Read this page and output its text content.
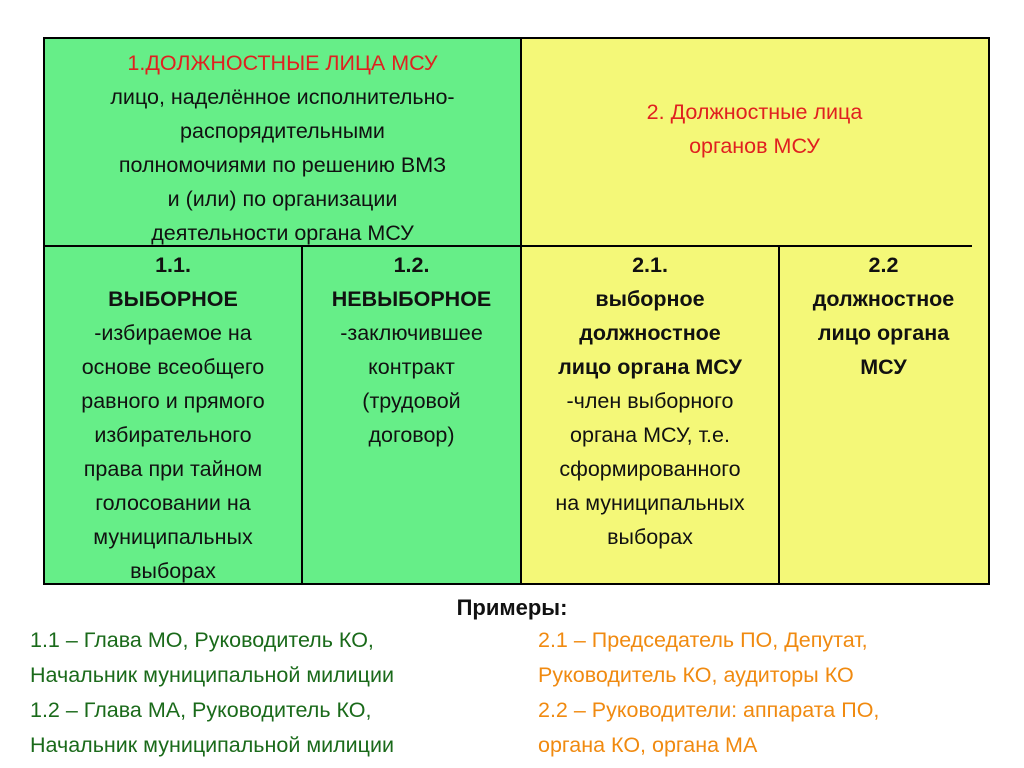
1.ДОЛЖНОСТНЫЕ ЛИЦА МСУ
лицо, наделённое исполнительно-
распорядительными
полномочиями по решению ВМЗ
и (или) по организации
деятельности органа МСУ
2. Должностные лица
органов МСУ
1.1.
ВЫБОРНОЕ
-избираемое на
основе всеобщего
равного и прямого
избирательного
права при тайном
голосовании на
муниципальных
выборах
1.2.
НЕВЫБОРНОЕ
-заключившее
контракт
(трудовой
договор)
2.1.
выборное
должностное
лицо органа МСУ
-член выборного
органа МСУ, т.е.
сформированного
на муниципальных
выборах
2.2
должностное
лицо органа
МСУ
Примеры:
1.1 – Глава МО, Руководитель КО,
Начальник муниципальной милиции
1.2 – Глава МА, Руководитель КО,
Начальник муниципальной милиции
2.1 – Председатель ПО, Депутат,
Руководитель КО, аудиторы КО
2.2 – Руководители: аппарата ПО,
органа КО, органа МА
